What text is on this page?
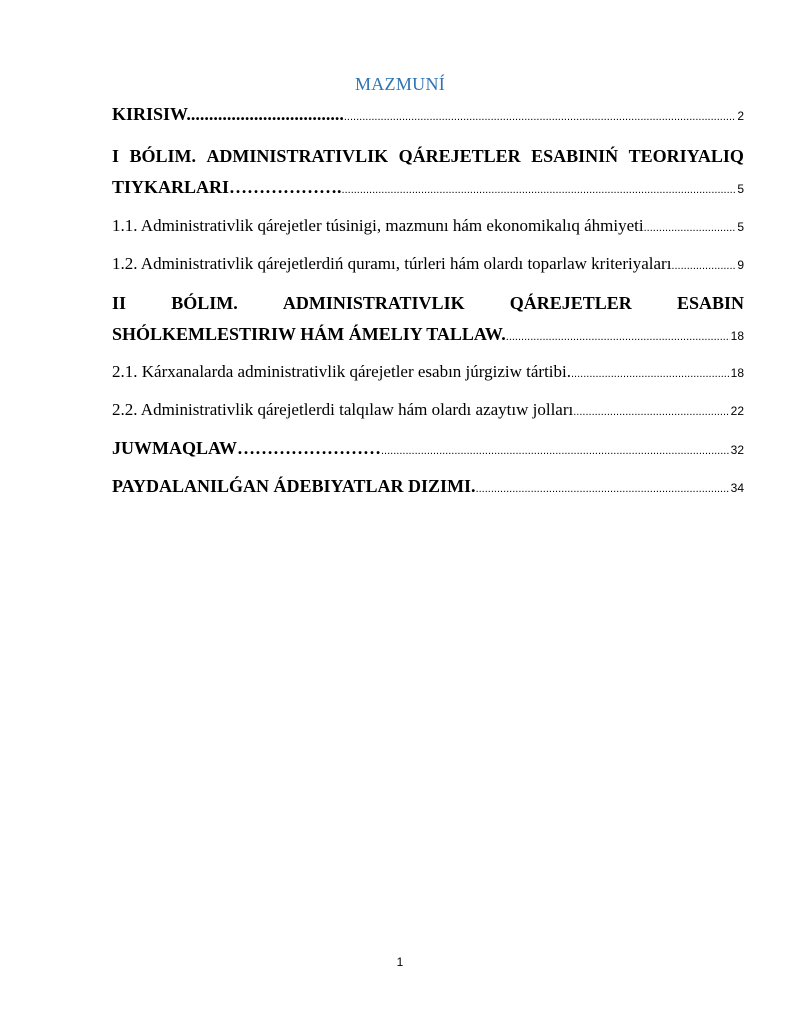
MAZMUNÍ
KIRISIW................................... .....	2
I BÓLIM. ADMINISTRATIVLIK QÁREJETLER ESABINIŃ TEORIYALIQ
TIYKARLARI………………. .....	5
1.1. Administrativlik qárejetler túsinigi, mazmunı hám ekonomikalıq áhmiyeti .....	5
1.2. Administrativlik qárejetlerdiń quramı, túrleri hám olardı toparlaw kriteriyaları .....	9
II	BÓLIM.	ADMINISTRATIVLIK	QÁREJETLER	ESABIN
SHÓLKEMLESTIRIW HÁM ÁMELIY TALLAW. .....	18
2.1. Kárxanalarda administrativlik qárejetler esabın júrgiziw tártibi. .....	18
2.2. Administrativlik qárejetlerdi talqılaw hám olardı azaytıw jolları .....	22
JUWMAQLAW…………………… .....	32
PAYDALANILǴAN ÁDEBIYATLAR DIZIMI. .....	34
1
